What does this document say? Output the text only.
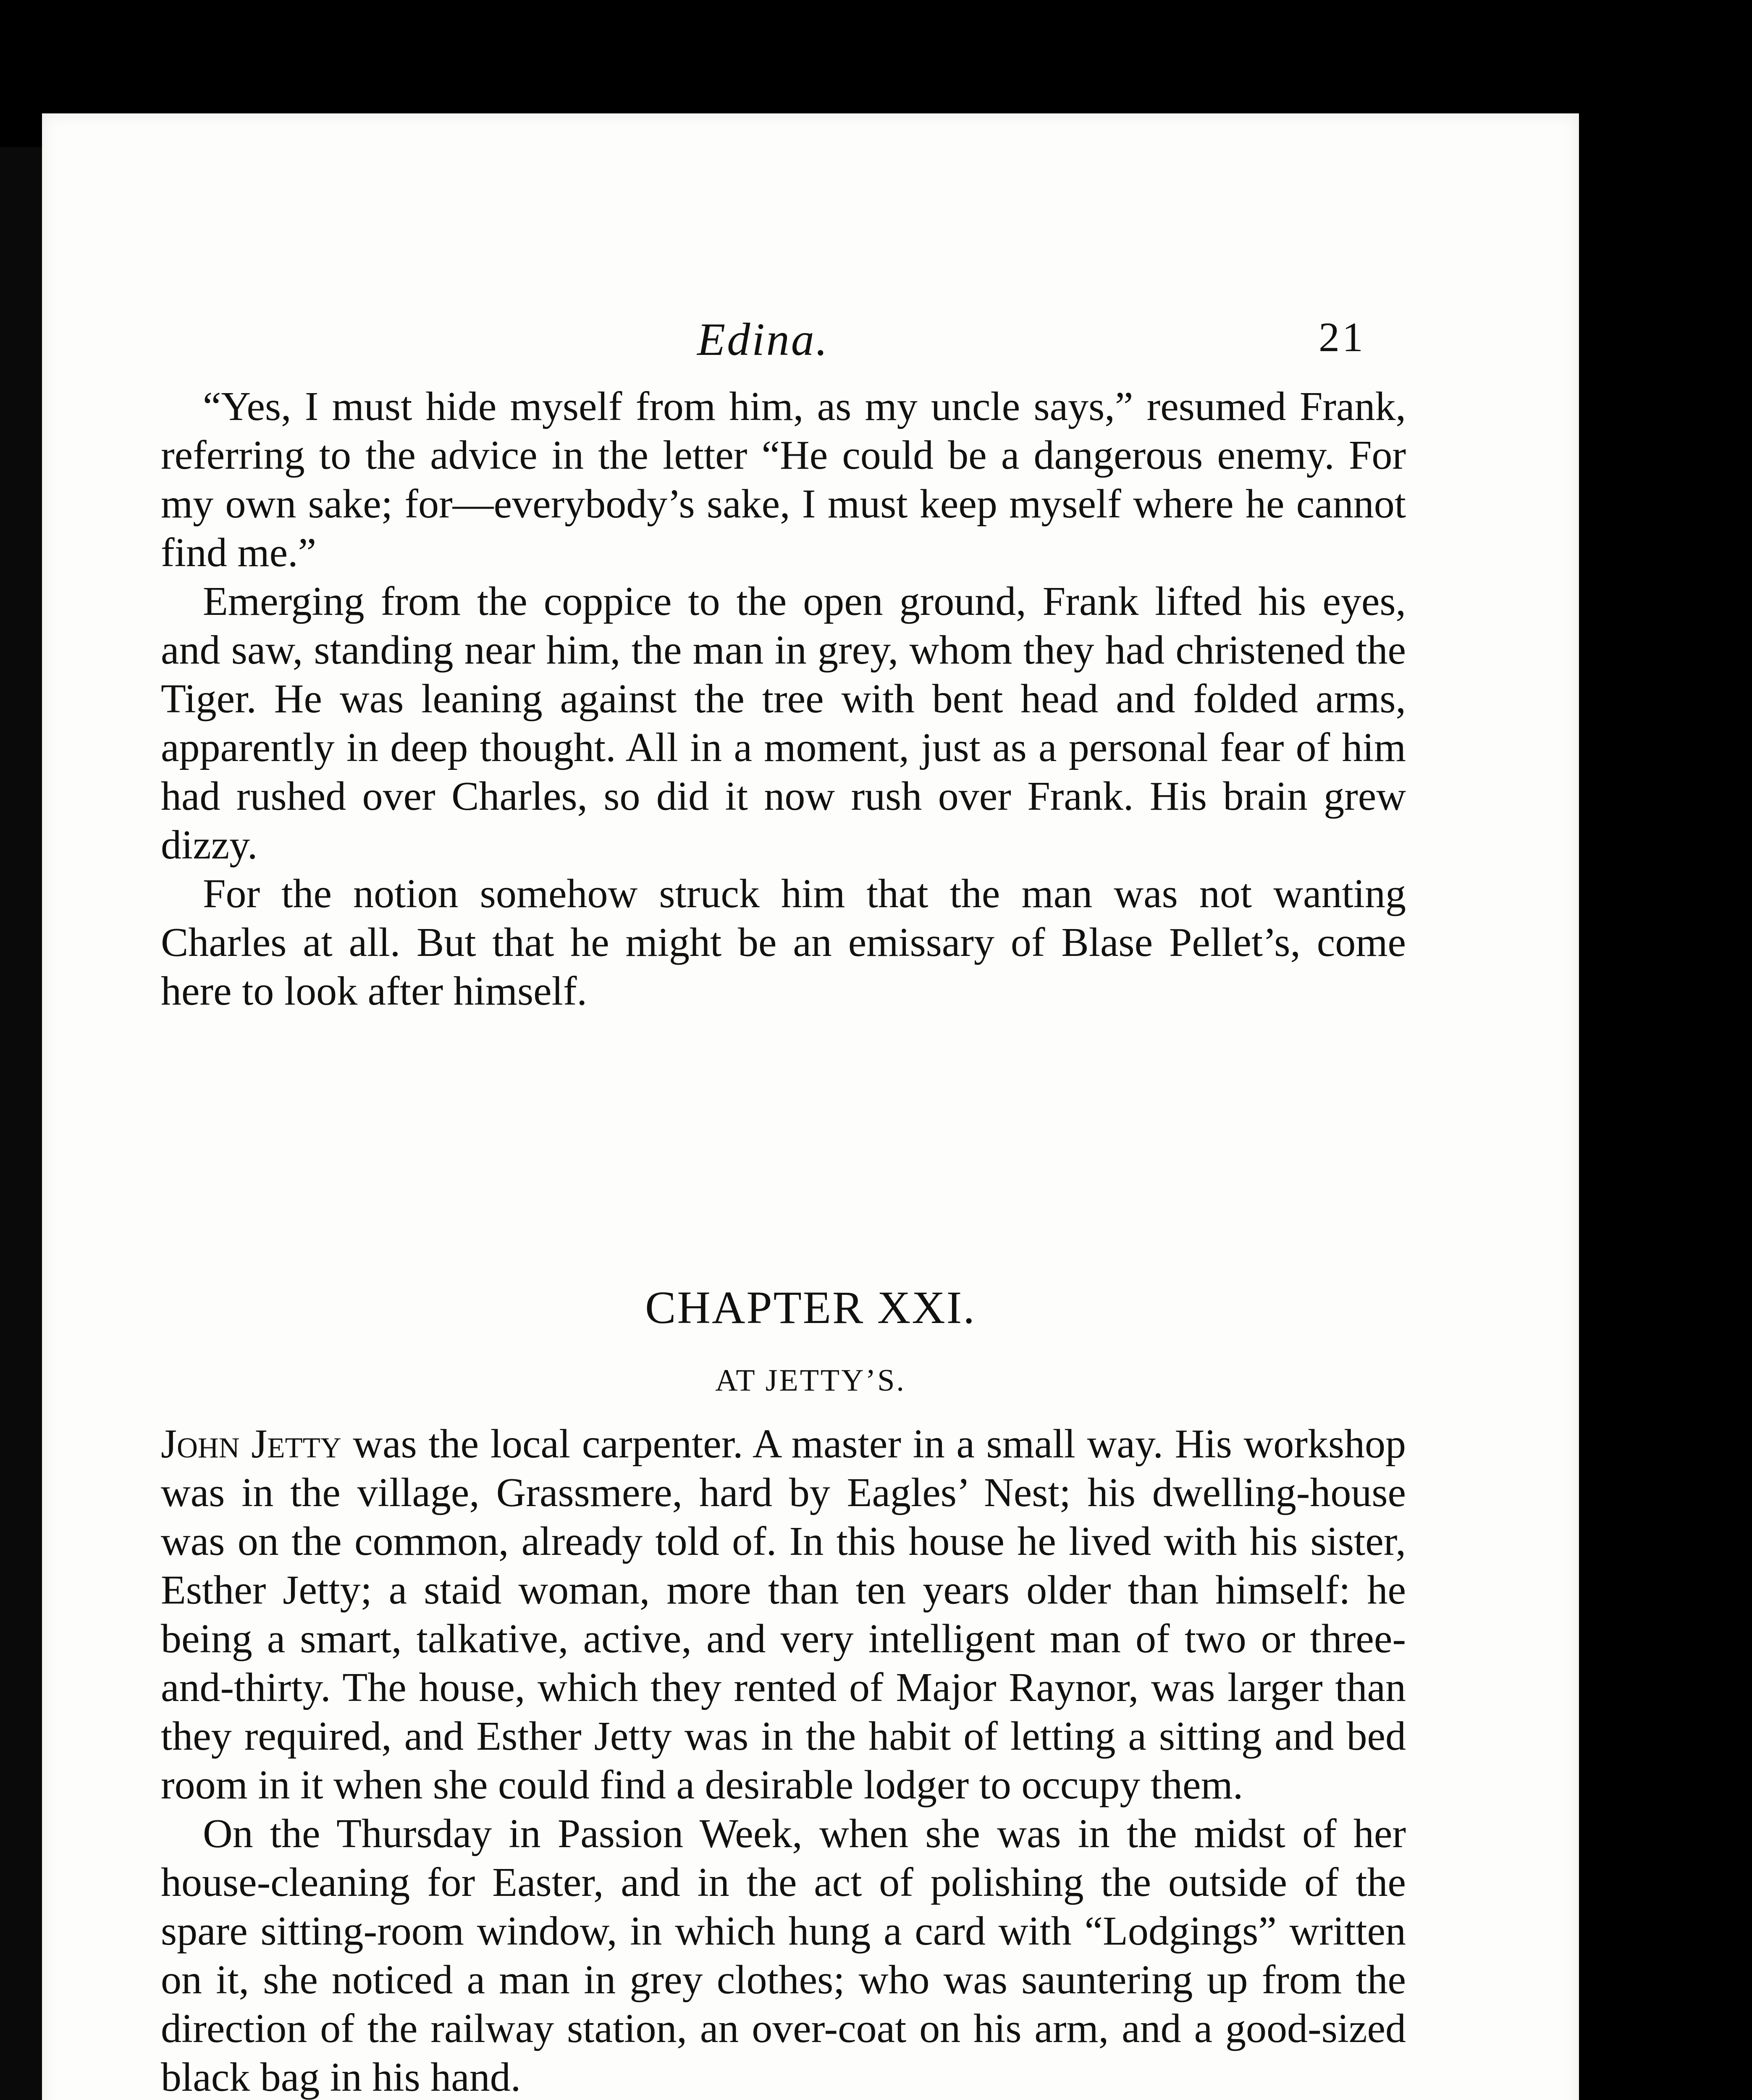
Edina.	21

“Yes, I must hide myself from him, as my uncle says,” resumed Frank, referring to the advice in the letter “He could be a dangerous enemy. For my own sake; for—everybody’s sake, I must keep myself where he cannot find me.”

Emerging from the coppice to the open ground, Frank lifted his eyes, and saw, standing near him, the man in grey, whom they had christened the Tiger. He was leaning against the tree with bent head and folded arms, apparently in deep thought. All in a moment, just as a personal fear of him had rushed over Charles, so did it now rush over Frank. His brain grew dizzy.

For the notion somehow struck him that the man was not wanting Charles at all. But that he might be an emissary of Blase Pellet’s, come here to look after himself.

CHAPTER XXI.
AT JETTY’S.

John Jetty was the local carpenter. A master in a small way. His workshop was in the village, Grassmere, hard by Eagles’ Nest; his dwelling-house was on the common, already told of. In this house he lived with his sister, Esther Jetty; a staid woman, more than ten years older than himself: he being a smart, talkative, active, and very intelligent man of two or three-and-thirty. The house, which they rented of Major Raynor, was larger than they required, and Esther Jetty was in the habit of letting a sitting and bed room in it when she could find a desirable lodger to occupy them.

On the Thursday in Passion Week, when she was in the midst of her house-cleaning for Easter, and in the act of polishing the outside of the spare sitting-room window, in which hung a card with “Lodgings” written on it, she noticed a man in grey clothes; who was sauntering up from the direction of the railway station, an over-coat on his arm, and a good-sized black bag in his hand.
